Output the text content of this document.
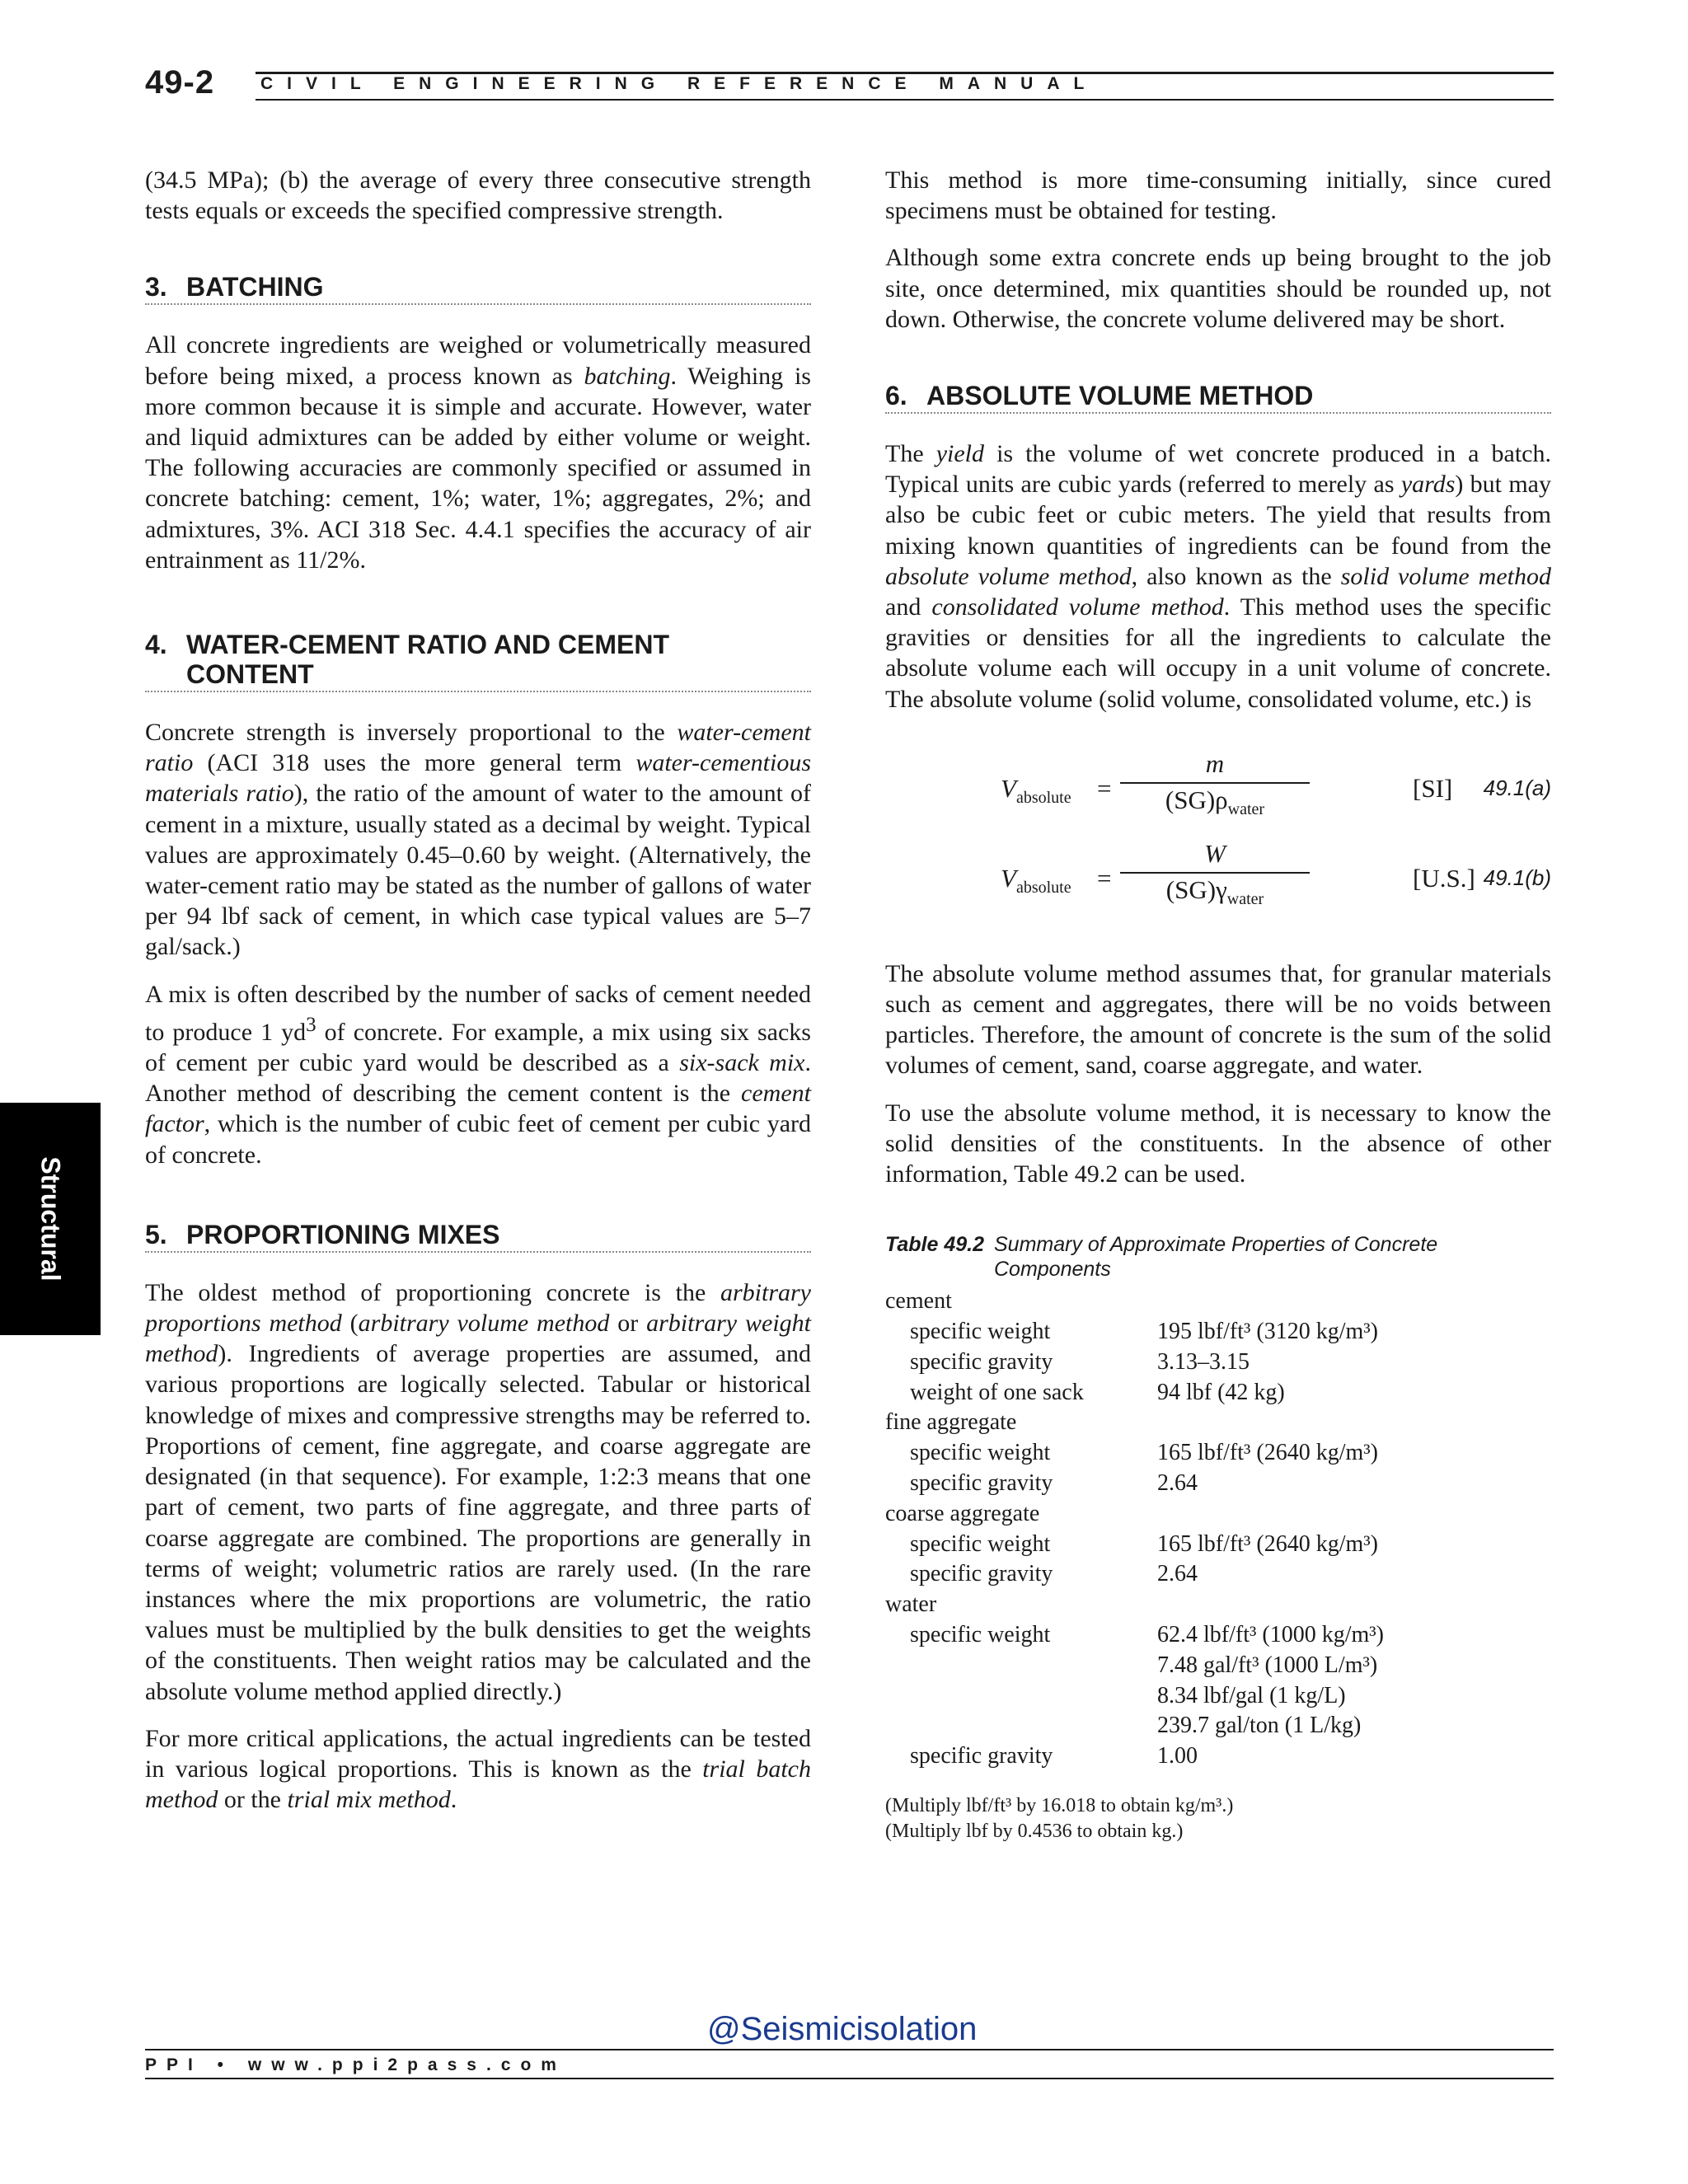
49-2	CIVIL ENGINEERING REFERENCE MANUAL
Structural

(34.5 MPa); (b) the average of every three consecutive strength tests equals or exceeds the specified compressive strength.

3. BATCHING

All concrete ingredients are weighed or volumetrically measured before being mixed, a process known as batching. Weighing is more common because it is simple and accurate. However, water and liquid admixtures can be added by either volume or weight. The following accuracies are commonly specified or assumed in concrete batching: cement, 1%; water, 1%; aggregates, 2%; and admixtures, 3%. ACI 318 Sec. 4.4.1 specifies the accuracy of air entrainment as 11/2%.

4. WATER-CEMENT RATIO AND CEMENT
CONTENT

Concrete strength is inversely proportional to the water-cement ratio (ACI 318 uses the more general term water-cementious materials ratio), the ratio of the amount of water to the amount of cement in a mixture, usually stated as a decimal by weight. Typical values are approximately 0.45–0.60 by weight. (Alternatively, the water-cement ratio may be stated as the number of gallons of water per 94 lbf sack of cement, in which case typical values are 5–7 gal/sack.)

A mix is often described by the number of sacks of cement needed to produce 1 $yd^3$ of concrete. For example, a mix using six sacks of cement per cubic yard would be described as a six-sack mix. Another method of describing the cement content is the cement factor, which is the number of cubic feet of cement per cubic yard of concrete.

5. PROPORTIONING MIXES

The oldest method of proportioning concrete is the arbitrary proportions method (arbitrary volume method or arbitrary weight method). Ingredients of average properties are assumed, and various proportions are logically selected. Tabular or historical knowledge of mixes and compressive strengths may be referred to. Proportions of cement, fine aggregate, and coarse aggregate are designated (in that sequence). For example, 1:2:3 means that one part of cement, two parts of fine aggregate, and three parts of coarse aggregate are combined. The proportions are generally in terms of weight; volumetric ratios are rarely used. (In the rare instances where the mix proportions are volumetric, the ratio values must be multiplied by the bulk densities to get the weights of the constituents. Then weight ratios may be calculated and the absolute volume method applied directly.)

For more critical applications, the actual ingredients can be tested in various logical proportions. This is known as the trial batch method or the trial mix method.

This method is more time-consuming initially, since cured specimens must be obtained for testing.

Although some extra concrete ends up being brought to the job site, once determined, mix quantities should be rounded up, not down. Otherwise, the concrete volume delivered may be short.

6. ABSOLUTE VOLUME METHOD

The yield is the volume of wet concrete produced in a batch. Typical units are cubic yards (referred to merely as yards) but may also be cubic feet or cubic meters. The yield that results from mixing known quantities of ingredients can be found from the absolute volume method, also known as the solid volume method and consolidated volume method. This method uses the specific gravities or densities for all the ingredients to calculate the absolute volume each will occupy in a unit volume of concrete. The absolute volume (solid volume, consolidated volume, etc.) is

$V_{absolute}$ =
m
$(SG)\rho_{water}$
[SI] 49.1(a)
$V_{absolute}$ =
W
$(SG)\gamma_{water}$
[U.S.] 49.1(b)

The absolute volume method assumes that, for granular materials such as cement and aggregates, there will be no voids between particles. Therefore, the amount of concrete is the sum of the solid volumes of cement, sand, coarse aggregate, and water.

To use the absolute volume method, it is necessary to know the solid densities of the constituents. In the absence of other information, Table 49.2 can be used.

Table 49.2 Summary of Approximate Properties of Concrete Components
cement	
specific weight	195 lbf/ft³ (3120 kg/m³)
specific gravity	3.13–3.15
weight of one sack	94 lbf (42 kg)
fine aggregate	
specific weight	165 lbf/ft³ (2640 kg/m³)
specific gravity	2.64
coarse aggregate	
specific weight	165 lbf/ft³ (2640 kg/m³)
specific gravity	2.64
water	
specific weight	62.4 lbf/ft³ (1000 kg/m³)
	7.48 gal/ft³ (1000 L/m³)
	8.34 lbf/gal (1 kg/L)
	239.7 gal/ton (1 L/kg)
specific gravity	1.00
(Multiply lbf/ft³ by 16.018 to obtain kg/m³.)
(Multiply lbf by 0.4536 to obtain kg.)
@Seismicisolation
PPI • www.ppi2pass.com
